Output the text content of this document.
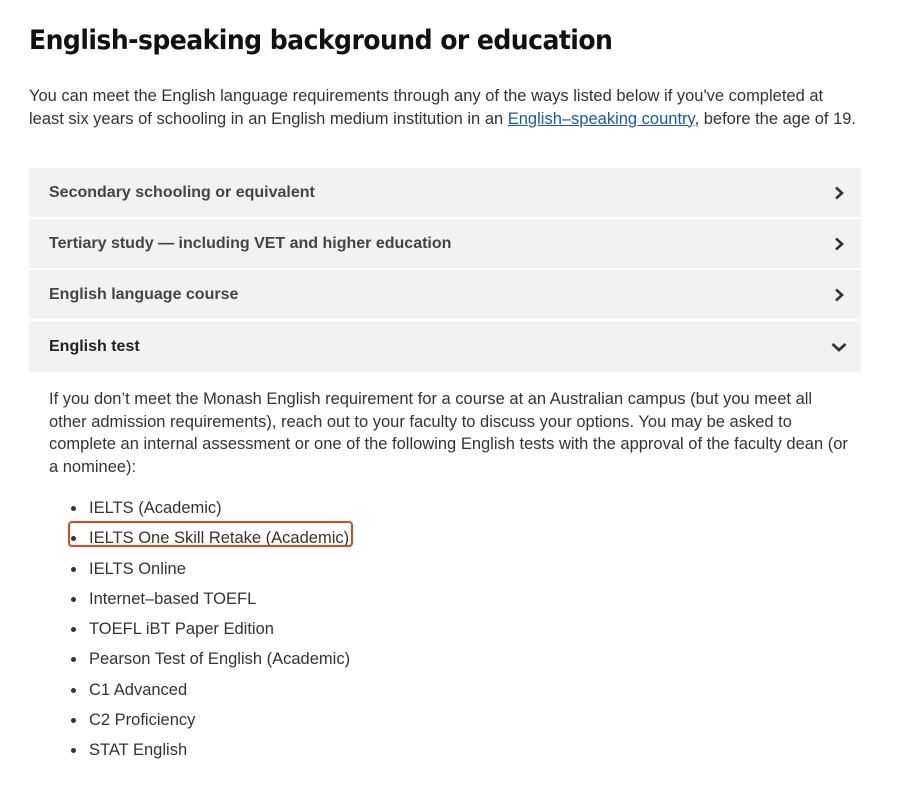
English-speaking background or education

You can meet the English language requirements through any of the ways listed below if you've completed at least six years of schooling in an English medium institution in an English–speaking country, before the age of 19.

Secondary schooling or equivalent
Tertiary study — including VET and higher education
English language course
English test

If you don’t meet the Monash English requirement for a course at an Australian campus (but you meet all other admission requirements), reach out to your faculty to discuss your options. You may be asked to complete an internal assessment or one of the following English tests with the approval of the faculty dean (or a nominee):

IELTS (Academic)
IELTS One Skill Retake (Academic)
IELTS Online
Internet–based TOEFL
TOEFL iBT Paper Edition
Pearson Test of English (Academic)
C1 Advanced
C2 Proficiency
STAT English
